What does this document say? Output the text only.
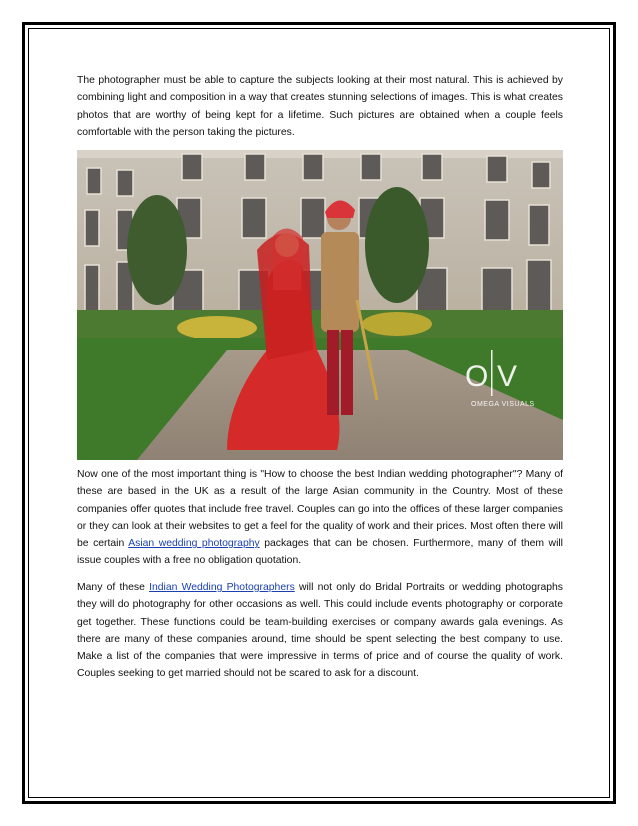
The photographer must be able to capture the subjects looking at their most natural. This is achieved by combining light and composition in a way that creates stunning selections of images. This is what creates photos that are worthy of being kept for a lifetime. Such pictures are obtained when a couple feels comfortable with the person taking the pictures.

O V
OMEGA VISUALS

Now one of the most important thing is "How to choose the best Indian wedding photographer"? Many of these are based in the UK as a result of the large Asian community in the Country. Most of these companies offer quotes that include free travel. Couples can go into the offices of these larger companies or they can look at their websites to get a feel for the quality of work and their prices. Most often there will be certain Asian wedding photography packages that can be chosen. Furthermore, many of them will issue couples with a free no obligation quotation.

Many of these Indian Wedding Photographers will not only do Bridal Portraits or wedding photographs they will do photography for other occasions as well. This could include events photography or corporate get together. These functions could be team-building exercises or company awards gala evenings. As there are many of these companies around, time should be spent selecting the best company to use. Make a list of the companies that were impressive in terms of price and of course the quality of work. Couples seeking to get married should not be scared to ask for a discount.
